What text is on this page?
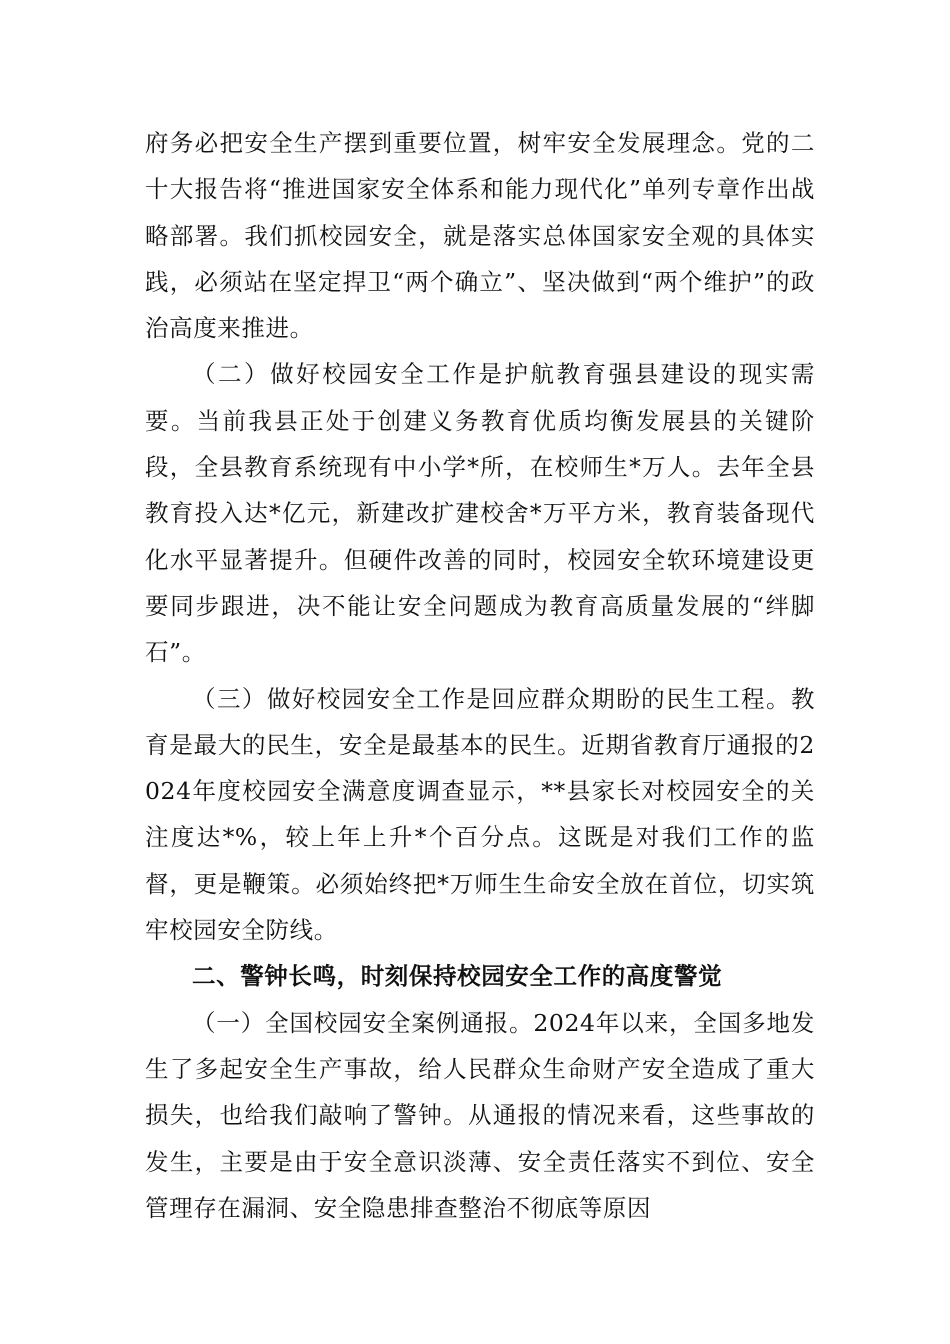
府务必把安全生产摆到重要位置，树牢安全发展理念。党的二十大报告将“推进国家安全体系和能力现代化”单列专章作出战略部署。我们抓校园安全，就是落实总体国家安全观的具体实践，必须站在坚定捍卫“两个确立”、坚决做到“两个维护”的政治高度来推进。

（二）做好校园安全工作是护航教育强县建设的现实需要。当前我县正处于创建义务教育优质均衡发展县的关键阶段，全县教育系统现有中小学*所，在校师生*万人。去年全县教育投入达*亿元，新建改扩建校舍*万平方米，教育装备现代化水平显著提升。但硬件改善的同时，校园安全软环境建设更要同步跟进，决不能让安全问题成为教育高质量发展的“绊脚石”。

（三）做好校园安全工作是回应群众期盼的民生工程。教育是最大的民生，安全是最基本的民生。近期省教育厅通报的2024年度校园安全满意度调查显示，**县家长对校园安全的关注度达*%，较上年上升*个百分点。这既是对我们工作的监督，更是鞭策。必须始终把*万师生生命安全放在首位，切实筑牢校园安全防线。

二、警钟长鸣，时刻保持校园安全工作的高度警觉

（一）全国校园安全案例通报。2024年以来，全国多地发生了多起安全生产事故，给人民群众生命财产安全造成了重大损失，也给我们敲响了警钟。从通报的情况来看，这些事故的发生，主要是由于安全意识淡薄、安全责任落实不到位、安全管理存在漏洞、安全隐患排查整治不彻底等原因
